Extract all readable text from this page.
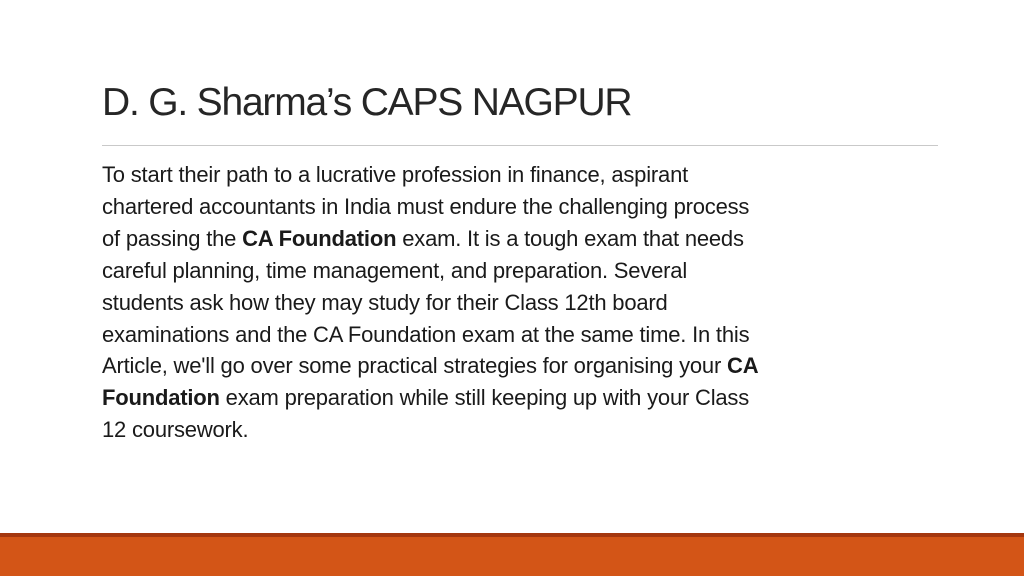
D. G. Sharma’s CAPS NAGPUR
To start their path to a lucrative profession in finance, aspirant
chartered accountants in India must endure the challenging process
of passing the CA Foundation exam. It is a tough exam that needs
careful planning, time management, and preparation. Several
students ask how they may study for their Class 12th board
examinations and the CA Foundation exam at the same time. In this
Article, we'll go over some practical strategies for organising your CA
Foundation exam preparation while still keeping up with your Class
12 coursework.
